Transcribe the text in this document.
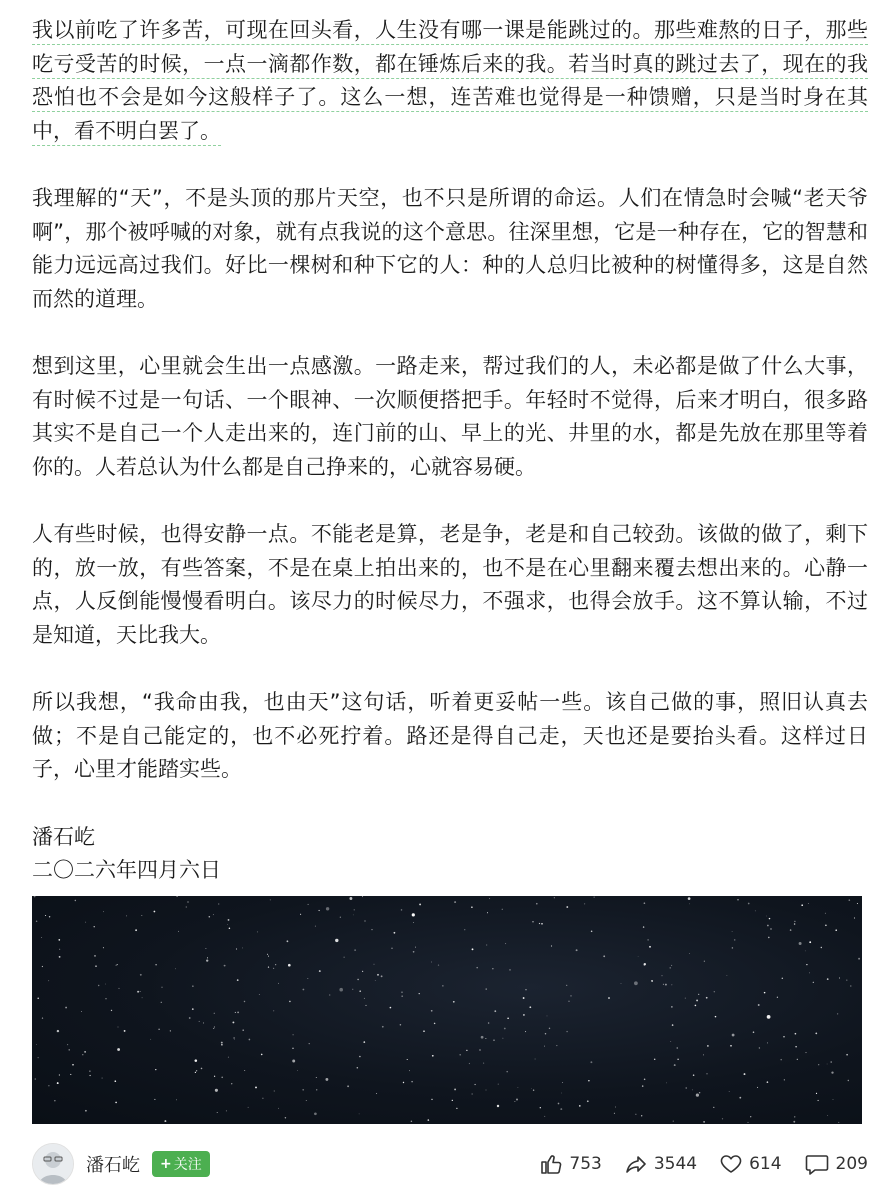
我以前吃了许多苦，可现在回头看，人生没有哪一课是能跳过的。那些难熬的日子，那些吃亏受苦的时候，一点一滴都作数，都在锤炼后来的我。若当时真的跳过去了，现在的我恐怕也不会是如今这般样子了。这么一想，连苦难也觉得是一种馈赠，只是当时身在其中，看不明白罢了。

我理解的“天”，不是头顶的那片天空，也不只是所谓的命运。人们在情急时会喊“老天爷啊”，那个被呼喊的对象，就有点我说的这个意思。往深里想，它是一种存在，它的智慧和能力远远高过我们。好比一棵树和种下它的人：种的人总归比被种的树懂得多，这是自然而然的道理。

想到这里，心里就会生出一点感激。一路走来，帮过我们的人，未必都是做了什么大事，有时候不过是一句话、一个眼神、一次顺便搭把手。年轻时不觉得，后来才明白，很多路其实不是自己一个人走出来的，连门前的山、早上的光、井里的水，都是先放在那里等着你的。人若总认为什么都是自己挣来的，心就容易硬。

人有些时候，也得安静一点。不能老是算，老是争，老是和自己较劲。该做的做了，剩下的，放一放，有些答案，不是在桌上拍出来的，也不是在心里翻来覆去想出来的。心静一点，人反倒能慢慢看明白。该尽力的时候尽力，不强求，也得会放手。这不算认输，不过是知道，天比我大。

所以我想，“我命由我，也由天”这句话，听着更妥帖一些。该自己做的事，照旧认真去做；不是自己能定的，也不必死拧着。路还是得自己走，天也还是要抬头看。这样过日子，心里才能踏实些。

潘石屹

二〇二六年四月六日

潘石屹 + 关注	753	3544	614	209
